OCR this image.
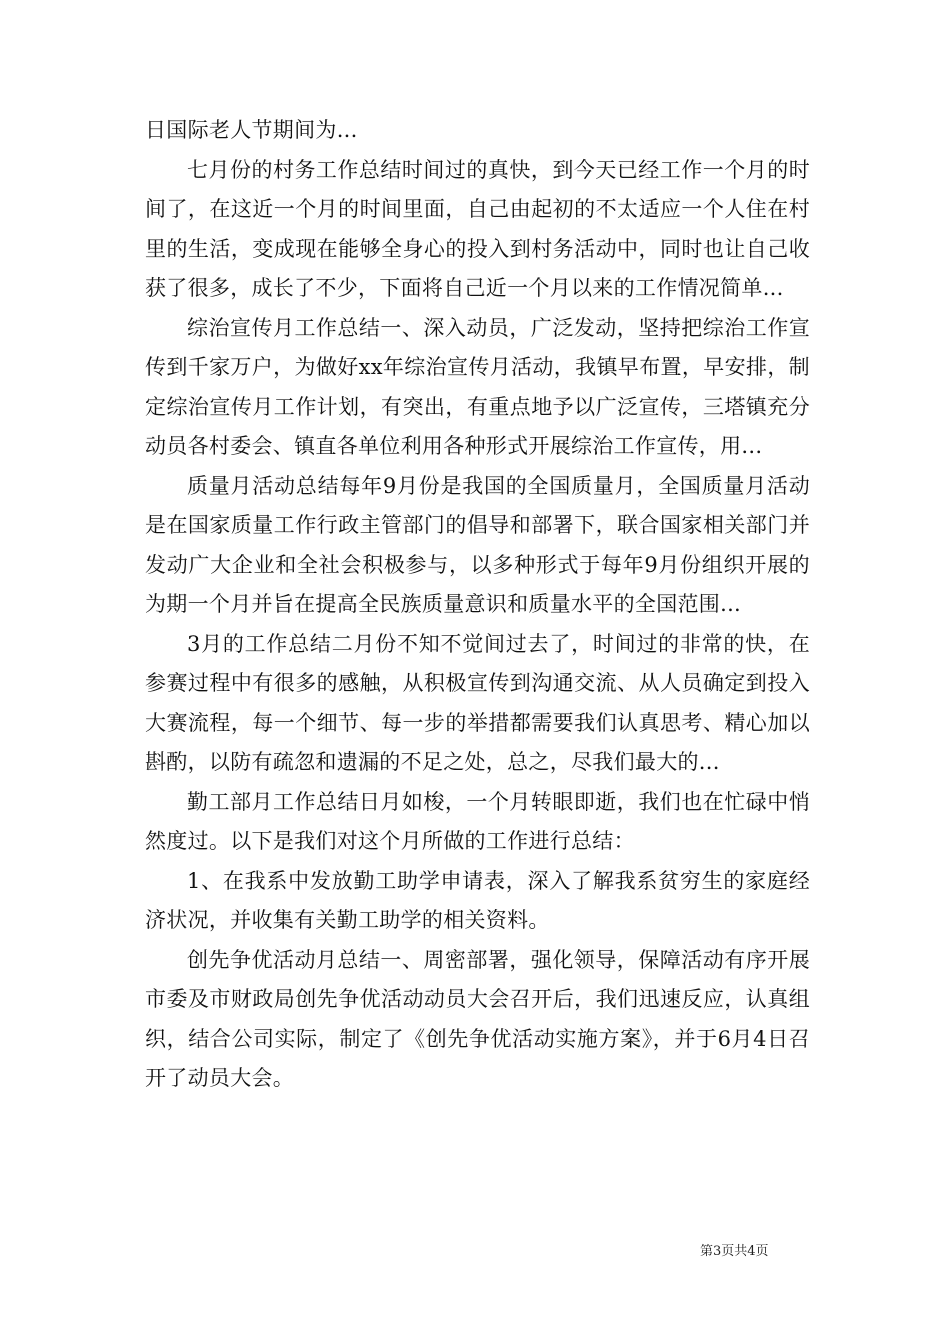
日国际老人节期间为...

七月份的村务工作总结时间过的真快，到今天已经工作一个月的时间了，在这近一个月的时间里面，自己由起初的不太适应一个人住在村里的生活，变成现在能够全身心的投入到村务活动中，同时也让自己收获了很多，成长了不少，下面将自己近一个月以来的工作情况简单...

综治宣传月工作总结一、深入动员，广泛发动，坚持把综治工作宣传到千家万户，为做好xx年综治宣传月活动，我镇早布置，早安排，制定综治宣传月工作计划，有突出，有重点地予以广泛宣传，三塔镇充分动员各村委会、镇直各单位利用各种形式开展综治工作宣传，用...

质量月活动总结每年9月份是我国的全国质量月，全国质量月活动是在国家质量工作行政主管部门的倡导和部署下，联合国家相关部门并发动广大企业和全社会积极参与，以多种形式于每年9月份组织开展的为期一个月并旨在提高全民族质量意识和质量水平的全国范围...

3月的工作总结二月份不知不觉间过去了，时间过的非常的快，在参赛过程中有很多的感触，从积极宣传到沟通交流、从人员确定到投入大赛流程，每一个细节、每一步的举措都需要我们认真思考、精心加以斟酌，以防有疏忽和遗漏的不足之处，总之，尽我们最大的...

勤工部月工作总结日月如梭，一个月转眼即逝，我们也在忙碌中悄然度过。以下是我们对这个月所做的工作进行总结：

1、在我系中发放勤工助学申请表，深入了解我系贫穷生的家庭经济状况，并收集有关勤工助学的相关资料。

创先争优活动月总结一、周密部署，强化领导，保障活动有序开展市委及市财政局创先争优活动动员大会召开后，我们迅速反应，认真组织，结合公司实际，制定了《创先争优活动实施方案》，并于6月4日召开了动员大会。

第3页共4页
